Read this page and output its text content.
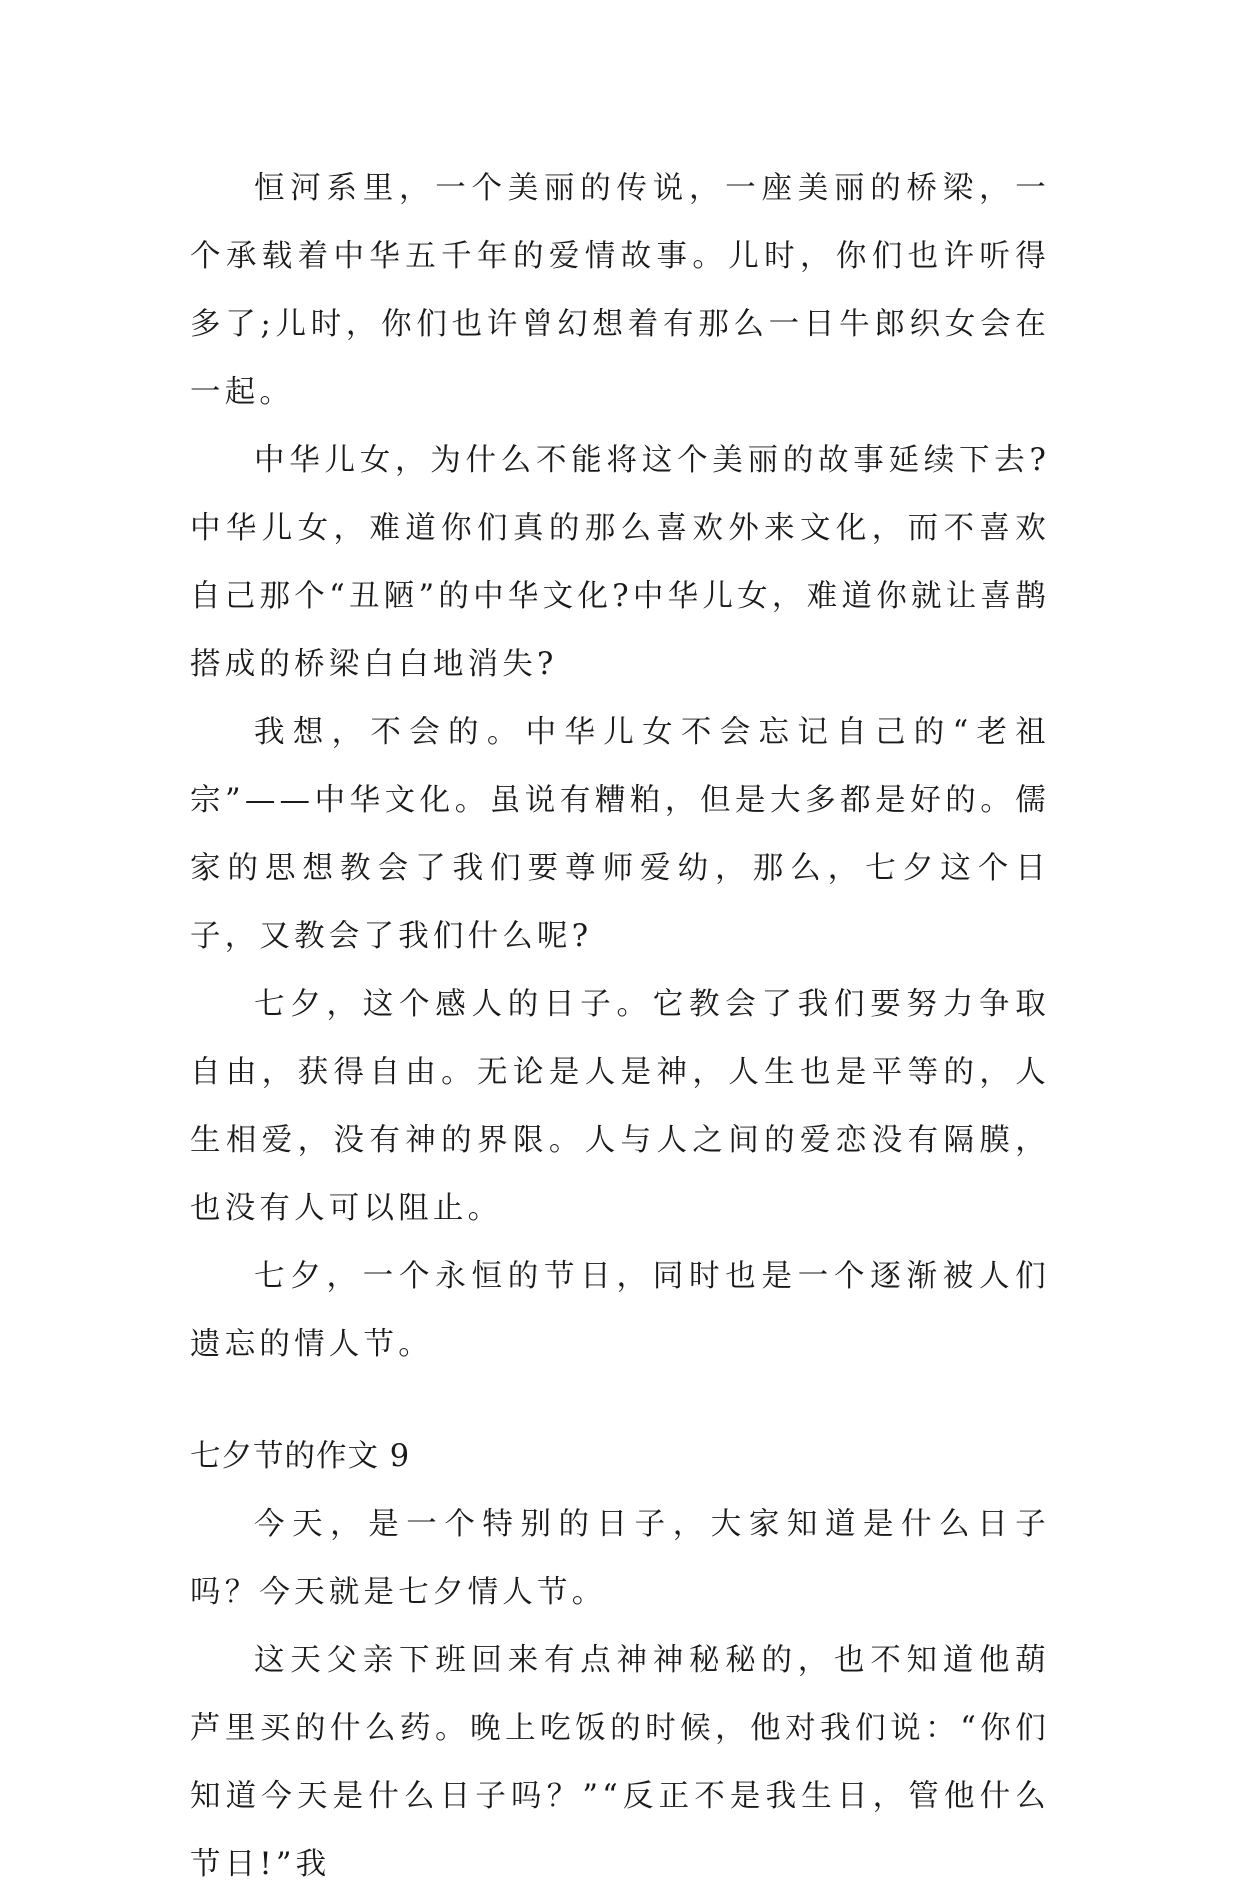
恒河系里，一个美丽的传说，一座美丽的桥梁，一个承载着中华五千年的爱情故事。儿时，你们也许听得多了;儿时，你们也许曾幻想着有那么一日牛郎织女会在一起。

中华儿女，为什么不能将这个美丽的故事延续下去?中华儿女，难道你们真的那么喜欢外来文化，而不喜欢自己那个“丑陋”的中华文化?中华儿女，难道你就让喜鹊搭成的桥梁白白地消失?

我想，不会的。中华儿女不会忘记自己的“老祖宗”——中华文化。虽说有糟粕，但是大多都是好的。儒家的思想教会了我们要尊师爱幼，那么，七夕这个日子，又教会了我们什么呢?

七夕，这个感人的日子。它教会了我们要努力争取自由，获得自由。无论是人是神，人生也是平等的，人生相爱，没有神的界限。人与人之间的爱恋没有隔膜，也没有人可以阻止。

七夕，一个永恒的节日，同时也是一个逐渐被人们遗忘的情人节。

七夕节的作文 9

今天，是一个特别的日子，大家知道是什么日子吗？今天就是七夕情人节。

这天父亲下班回来有点神神秘秘的，也不知道他葫芦里买的什么药。晚上吃饭的时候，他对我们说：“你们知道今天是什么日子吗？”“反正不是我生日，管他什么节日!”我
